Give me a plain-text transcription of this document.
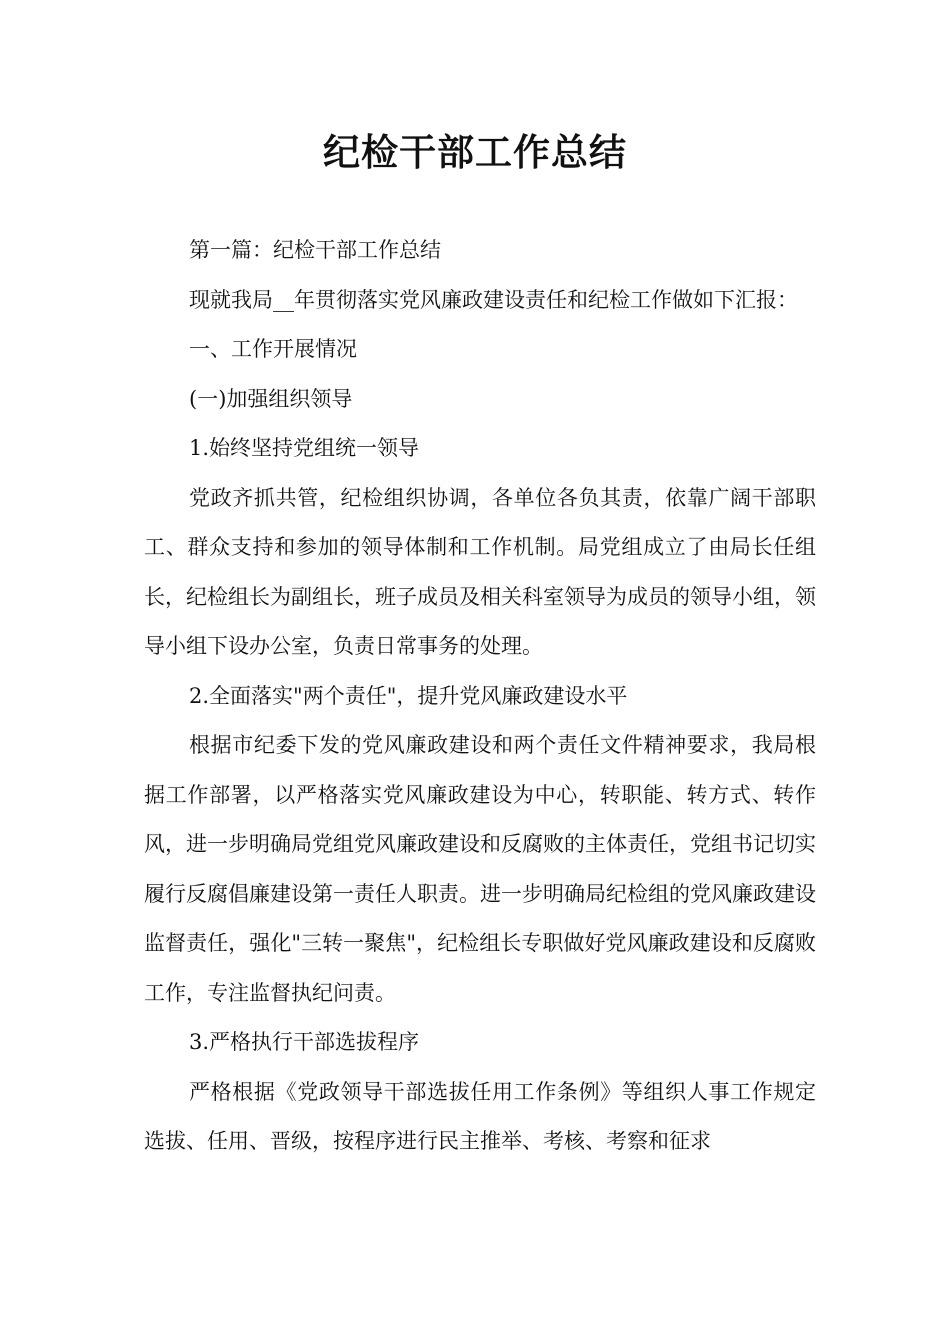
纪检干部工作总结

第一篇：纪检干部工作总结

现就我局__年贯彻落实党风廉政建设责任和纪检工作做如下汇报：

一、工作开展情况

(一)加强组织领导

1.始终坚持党组统一领导

党政齐抓共管，纪检组织协调，各单位各负其责，依靠广阔干部职工、群众支持和参加的领导体制和工作机制。局党组成立了由局长任组长，纪检组长为副组长，班子成员及相关科室领导为成员的领导小组，领导小组下设办公室，负责日常事务的处理。

2.全面落实"两个责任"，提升党风廉政建设水平

根据市纪委下发的党风廉政建设和两个责任文件精神要求，我局根据工作部署，以严格落实党风廉政建设为中心，转职能、转方式、转作风，进一步明确局党组党风廉政建设和反腐败的主体责任，党组书记切实履行反腐倡廉建设第一责任人职责。进一步明确局纪检组的党风廉政建设监督责任，强化"三转一聚焦"，纪检组长专职做好党风廉政建设和反腐败工作，专注监督执纪问责。

3.严格执行干部选拔程序

严格根据《党政领导干部选拔任用工作条例》等组织人事工作规定选拔、任用、晋级，按程序进行民主推举、考核、考察和征求
